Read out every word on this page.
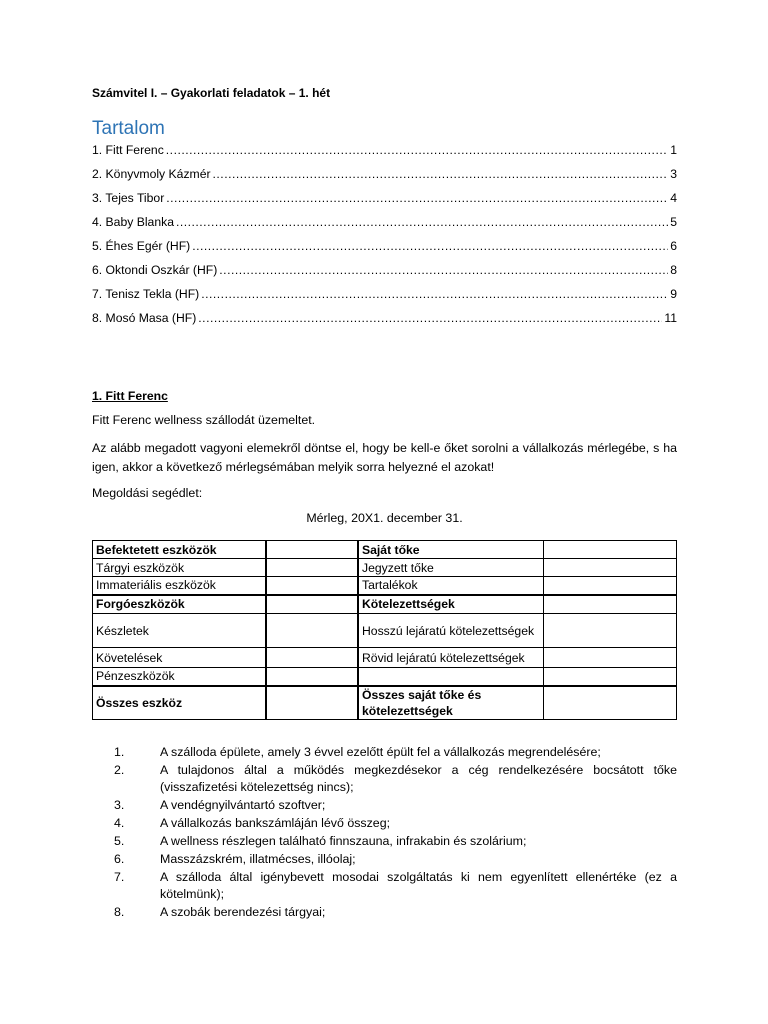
Számvitel I. – Gyakorlati feladatok – 1. hét
Tartalom
1. Fitt Ferenc .....	1
2. Könyvmoly Kázmér .....	3
3. Tejes Tibor .....	4
4. Baby Blanka .....	5
5. Éhes Egér (HF) .....	6
6. Oktondi Oszkár (HF) .....	8
7. Tenisz Tekla (HF) .....	9
8. Mosó Masa (HF) .....	11
1. Fitt Ferenc
Fitt Ferenc wellness szállodát üzemeltet.
Az alább megadott vagyoni elemekről döntse el, hogy be kell-e őket sorolni a vállalkozás mérlegébe, s ha igen, akkor a következő mérlegsémában melyik sorra helyezné el azokat!
Megoldási segédlet:
Mérleg, 20X1. december 31.
Befektetett eszközök		Saját tőke	
Tárgyi eszközök		Jegyzett tőke	
Immateriális eszközök		Tartalékok	
Forgóeszközök		Kötelezettségek	
Készletek		Hosszú lejáratú kötelezettségek	
Követelések		Rövid lejáratú kötelezettségek	
Pénzeszközök			
Összes eszköz		Összes saját tőke és kötelezettségek	
1.	A szálloda épülete, amely 3 évvel ezelőtt épült fel a vállalkozás megrendelésére;
2.	A tulajdonos által a működés megkezdésekor a cég rendelkezésére bocsátott tőke (visszafizetési kötelezettség nincs);
3.	A vendégnyilvántartó szoftver;
4.	A vállalkozás bankszámláján lévő összeg;
5.	A wellness részlegen található finnszauna, infrakabin és szolárium;
6.	Masszázskrém, illatmécses, illóolaj;
7.	A szálloda által igénybevett mosodai szolgáltatás ki nem egyenlített ellenértéke (ez a kötelmünk);
8.	A szobák berendezési tárgyai;
